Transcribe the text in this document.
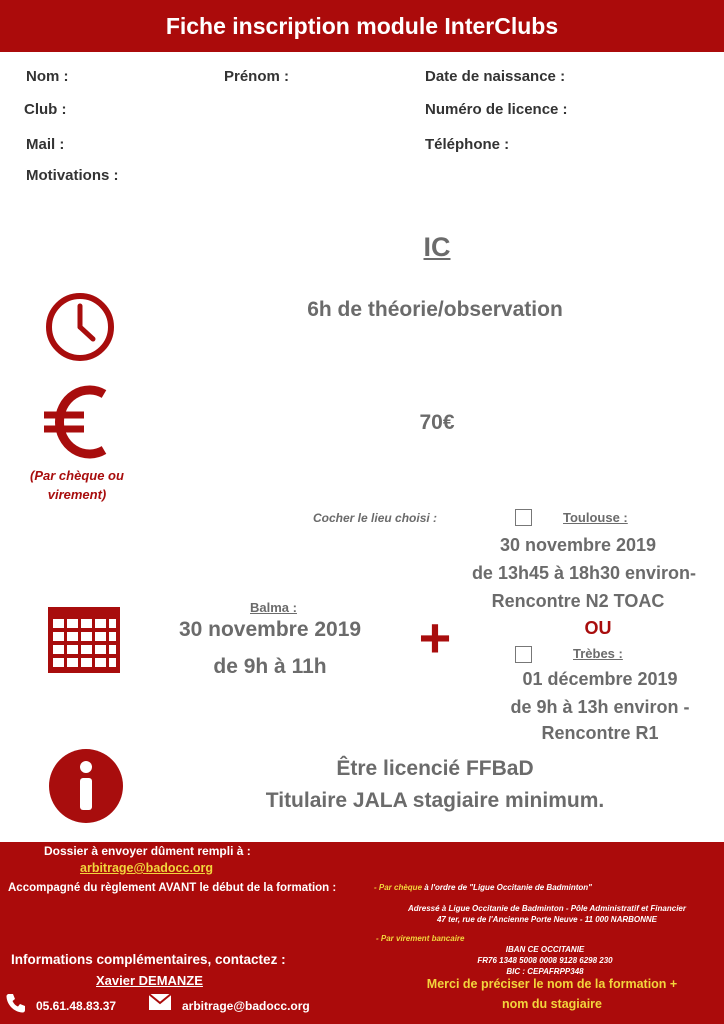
Fiche inscription module InterClubs
Nom :	Prénom :	Date de naissance :
Club :	Numéro de licence :
Mail :	Téléphone :
Motivations :
IC
6h de théorie/observation
70€
(Par chèque ou
virement)
Cocher le lieu choisi :	Toulouse :
30 novembre 2019
de 13h45 à 18h30 environ-
Rencontre N2 TOAC
OU
Balma :
30 novembre 2019
de 9h à 11h	+	Trèbes :
01 décembre 2019
de 9h à 13h environ -
Rencontre R1
Être licencié FFBaD
Titulaire JALA stagiaire minimum.
Dossier à envoyer dûment rempli à :
arbitrage@badocc.org
Accompagné du règlement AVANT le début de la formation :	- Par chèque à l'ordre de "Ligue Occitanie de Badminton"
Adressé à Ligue Occitanie de Badminton - Pôle Administratif et Financier
47 ter, rue de l'Ancienne Porte Neuve - 11 000 NARBONNE
- Par virement bancaire
IBAN CE OCCITANIE
FR76 1348 5008 0008 9128 6298 230
BIC : CEPAFRPP348
Informations complémentaires, contactez :
Xavier DEMANZE	Merci de préciser le nom de la formation +
nom du stagiaire
05.61.48.83.37	arbitrage@badocc.org
